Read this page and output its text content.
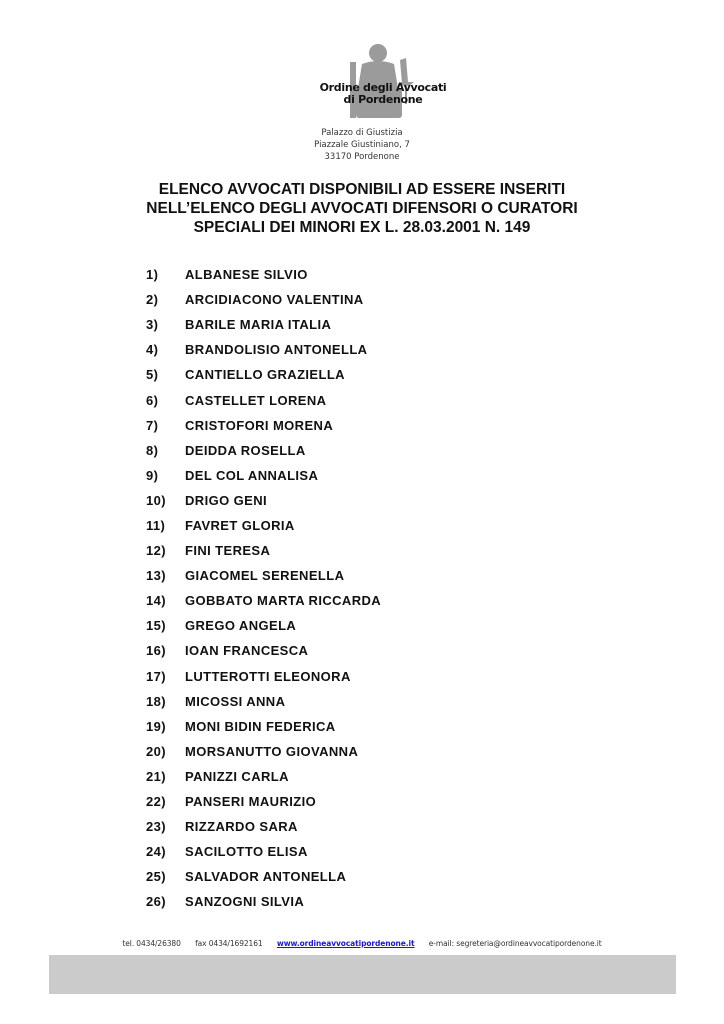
Ordine degli Avvocati
di Pordenone
Palazzo di Giustizia
Piazzale Giustiniano, 7
33170 Pordenone
ELENCO AVVOCATI DISPONIBILI AD ESSERE INSERITI
NELL’ELENCO DEGLI AVVOCATI DIFENSORI O CURATORI
SPECIALI DEI MINORI EX L. 28.03.2001 N. 149
1)	ALBANESE SILVIO
2)	ARCIDIACONO VALENTINA
3)	BARILE MARIA ITALIA
4)	BRANDOLISIO ANTONELLA
5)	CANTIELLO GRAZIELLA
6)	CASTELLET LORENA
7)	CRISTOFORI MORENA
8)	DEIDDA ROSELLA
9)	DEL COL ANNALISA
10)	DRIGO GENI
11)	FAVRET GLORIA
12)	FINI TERESA
13)	GIACOMEL SERENELLA
14)	GOBBATO MARTA RICCARDA
15)	GREGO ANGELA
16)	IOAN FRANCESCA
17)	LUTTEROTTI ELEONORA
18)	MICOSSI ANNA
19)	MONI BIDIN FEDERICA
20)	MORSANUTTO GIOVANNA
21)	PANIZZI CARLA
22)	PANSERI MAURIZIO
23)	RIZZARDO SARA
24)	SACILOTTO ELISA
25)	SALVADOR ANTONELLA
26)	SANZOGNI SILVIA
tel. 0434/26380 fax 0434/1692161 www.ordineavvocatipordenone.it e-mail: segreteria@ordineavvocatipordenone.it
